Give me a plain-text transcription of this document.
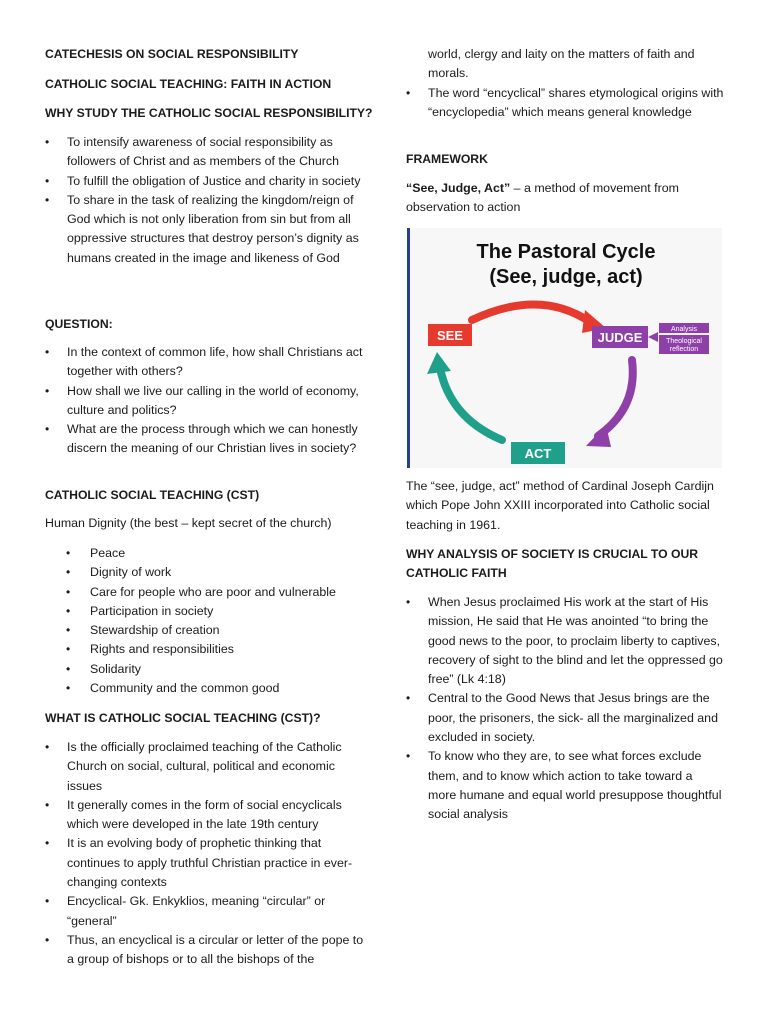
CATECHESIS ON SOCIAL RESPONSIBILITY

CATHOLIC SOCIAL TEACHING: FAITH IN ACTION

WHY STUDY THE CATHOLIC SOCIAL RESPONSIBILITY?

• To intensify awareness of social responsibility as followers of Christ and as members of the Church
• To fulfill the obligation of Justice and charity in society
• To share in the task of realizing the kingdom/reign of God which is not only liberation from sin but from all oppressive structures that destroy person’s dignity as humans created in the image and likeness of God

QUESTION:

• In the context of common life, how shall Christians act together with others?
• How shall we live our calling in the world of economy, culture and politics?
• What are the process through which we can honestly discern the meaning of our Christian lives in society?

CATHOLIC SOCIAL TEACHING (CST)

Human Dignity (the best – kept secret of the church)

• Peace
• Dignity of work
• Care for people who are poor and vulnerable
• Participation in society
• Stewardship of creation
• Rights and responsibilities
• Solidarity
• Community and the common good

WHAT IS CATHOLIC SOCIAL TEACHING (CST)?

• Is the officially proclaimed teaching of the Catholic Church on social, cultural, political and economic issues
• It generally comes in the form of social encyclicals which were developed in the late 19th century
• It is an evolving body of prophetic thinking that continues to apply truthful Christian practice in ever-changing contexts
• Encyclical- Gk. Enkyklios, meaning “circular” or “general”
• Thus, an encyclical is a circular or letter of the pope to a group of bishops or to all the bishops of the

world, clergy and laity on the matters of faith and morals.

• The word “encyclical” shares etymological origins with “encyclopedia” which means general knowledge

FRAMEWORK

“See, Judge, Act” – a method of movement from observation to action

The Pastoral Cycle
(See, judge, act)
SEE	JUDGE
Analysis
Theological
reflection
ACT

The “see, judge, act” method of Cardinal Joseph Cardijn which Pope John XXIII incorporated into Catholic social teaching in 1961.

WHY ANALYSIS OF SOCIETY IS CRUCIAL TO OUR

CATHOLIC FAITH

• When Jesus proclaimed His work at the start of His mission, He said that He was anointed “to bring the good news to the poor, to proclaim liberty to captives, recovery of sight to the blind and let the oppressed go free” (Lk 4:18)
• Central to the Good News that Jesus brings are the poor, the prisoners, the sick- all the marginalized and excluded in society.
• To know who they are, to see what forces exclude them, and to know which action to take toward a more humane and equal world presuppose thoughtful social analysis
